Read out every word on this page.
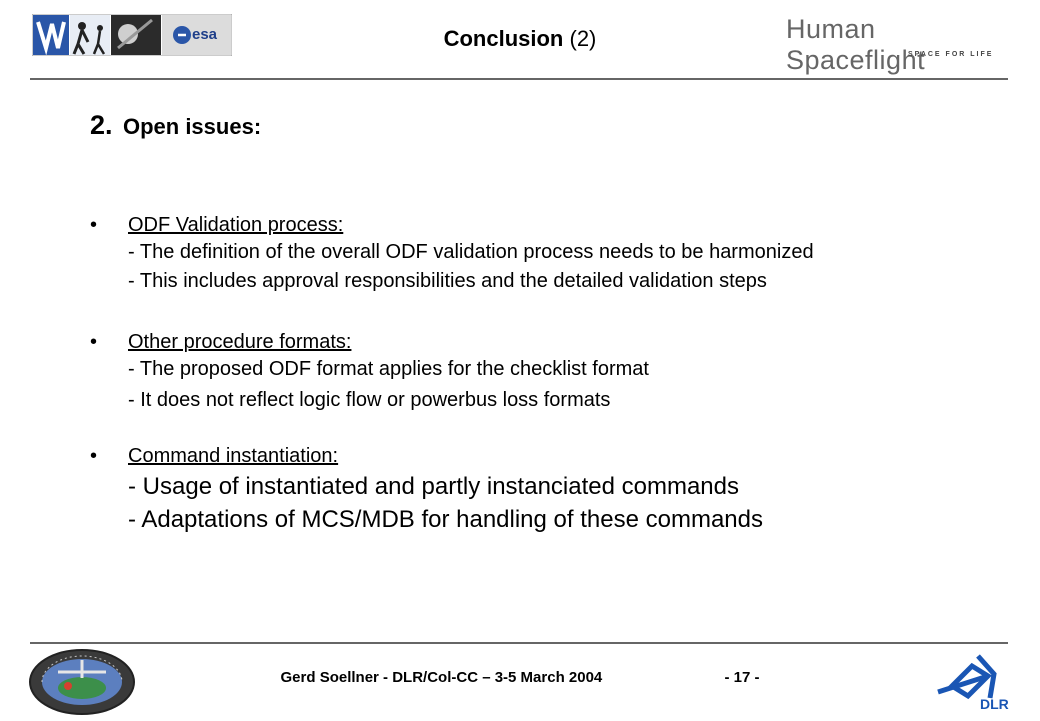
esa	Conclusion (2)	Human Spaceflight
SPACE FOR LIFE
2. Open issues:
• ODF Validation process:
- The definition of the overall ODF validation process needs to be harmonized
- This includes approval responsibilities and the detailed validation steps
• Other procedure formats:
- The proposed ODF format applies for the checklist format
- It does not reflect logic flow or powerbus loss formats
• Command instantiation:
- Usage of instantiated and partly instanciated commands
- Adaptations of MCS/MDB for handling of these commands
Gerd Soellner - DLR/Col-CC – 3-5 March 2004	- 17 -
DLR
